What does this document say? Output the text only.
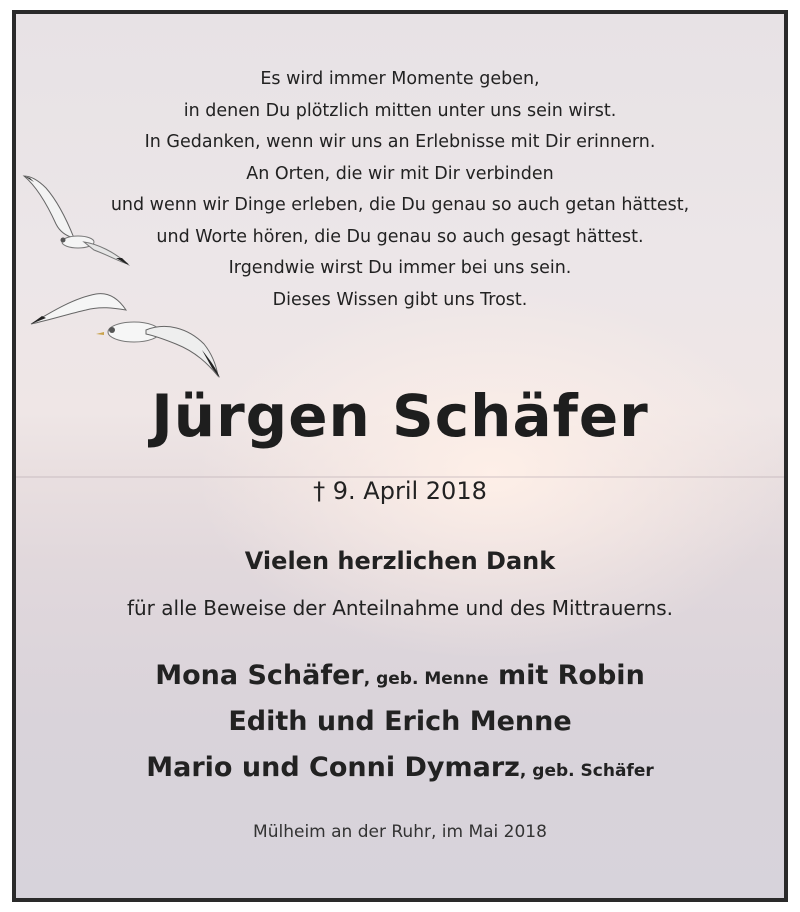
Es wird immer Momente geben,
in denen Du plötzlich mitten unter uns sein wirst.
In Gedanken, wenn wir uns an Erlebnisse mit Dir erinnern.
An Orten, die wir mit Dir verbinden
und wenn wir Dinge erleben, die Du genau so auch getan hättest,
und Worte hören, die Du genau so auch gesagt hättest.
Irgendwie wirst Du immer bei uns sein.
Dieses Wissen gibt uns Trost.
Jürgen Schäfer
† 9. April 2018
Vielen herzlichen Dank
für alle Beweise der Anteilnahme und des Mittrauerns.
Mona Schäfer, geb. Menne mit Robin
Edith und Erich Menne
Mario und Conni Dymarz, geb. Schäfer
Mülheim an der Ruhr, im Mai 2018
